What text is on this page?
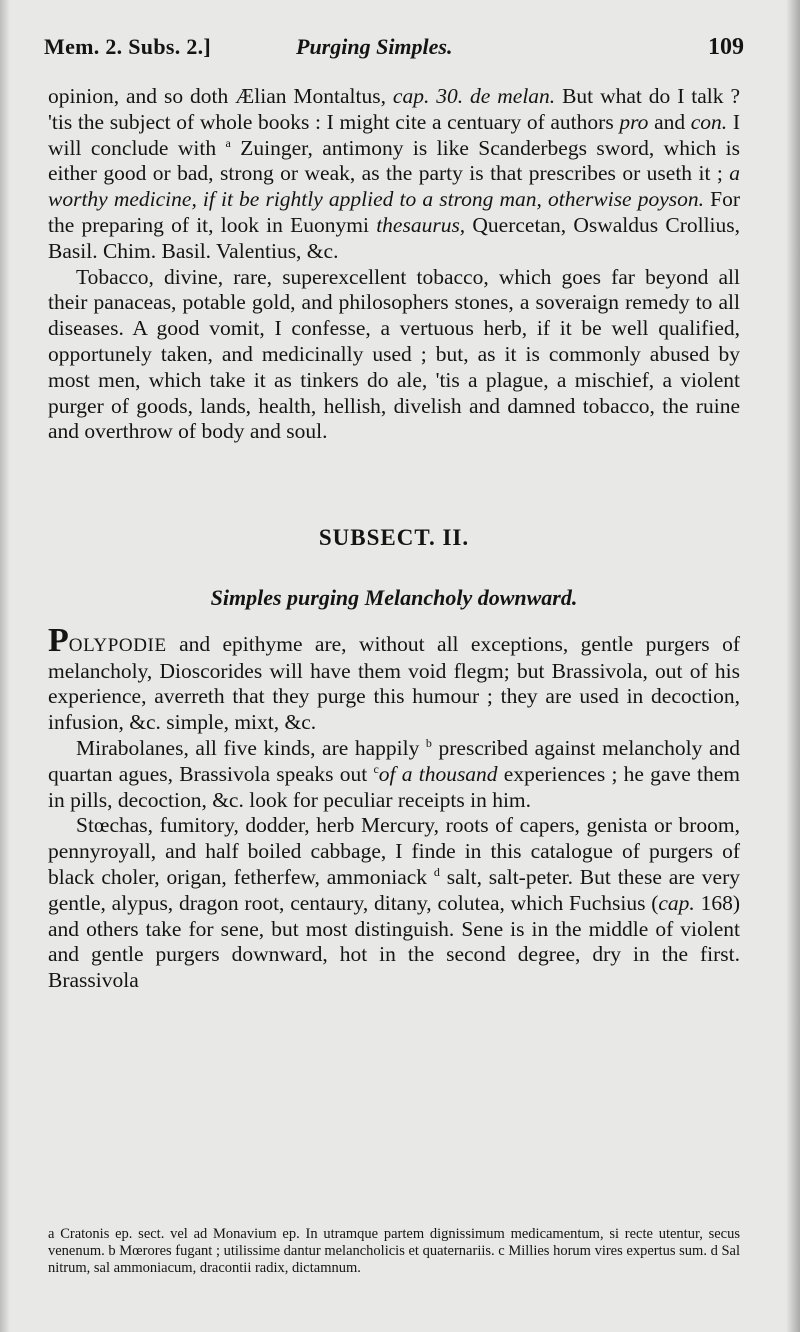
Mem. 2. Subs. 2.]	Purging Simples.	109

opinion, and so doth Ælian Montaltus, cap. 30. de melan. But what do I talk ? 'tis the subject of whole books : I might cite a centuary of authors pro and con. I will conclude with $^a$ Zuinger, antimony is like Scanderbegs sword, which is either good or bad, strong or weak, as the party is that prescribes or useth it ; a worthy medicine, if it be rightly applied to a strong man, otherwise poyson. For the preparing of it, look in Euonymi thesaurus, Quercetan, Oswaldus Crollius, Basil. Chim. Basil. Valentius, &c.

Tobacco, divine, rare, superexcellent tobacco, which goes far beyond all their panaceas, potable gold, and philosophers stones, a soveraign remedy to all diseases. A good vomit, I confesse, a vertuous herb, if it be well qualified, opportunely taken, and medicinally used ; but, as it is commonly abused by most men, which take it as tinkers do ale, 'tis a plague, a mischief, a violent purger of goods, lands, health, hellish, divelish and damned tobacco, the ruine and overthrow of body and soul.

SUBSECT. II.

Simples purging Melancholy downward.

POLYPODIE and epithyme are, without all exceptions, gentle purgers of melancholy, Dioscorides will have them void flegm; but Brassivola, out of his experience, averreth that they purge this humour ; they are used in decoction, infusion, &c. simple, mixt, &c.

Mirabolanes, all five kinds, are happily $^b$ prescribed against melancholy and quartan agues, Brassivola speaks out $^c$of a thousand experiences ; he gave them in pills, decoction, &c. look for peculiar receipts in him.

Stœchas, fumitory, dodder, herb Mercury, roots of capers, genista or broom, pennyroyall, and half boiled cabbage, I finde in this catalogue of purgers of black choler, origan, fetherfew, ammoniack $^d$ salt, salt-peter. But these are very gentle, alypus, dragon root, centaury, ditany, colutea, which Fuchsius (cap. 168) and others take for sene, but most distinguish. Sene is in the middle of violent and gentle purgers downward, hot in the second degree, dry in the first. Brassivola

a Cratonis ep. sect. vel ad Monavium ep. In utramque partem dignissimum medicamentum, si recte utentur, secus venenum. b Mœrores fugant ; utilissime dantur melancholicis et quaternariis. c Millies horum vires expertus sum. d Sal nitrum, sal ammoniacum, dracontii radix, dictamnum.
